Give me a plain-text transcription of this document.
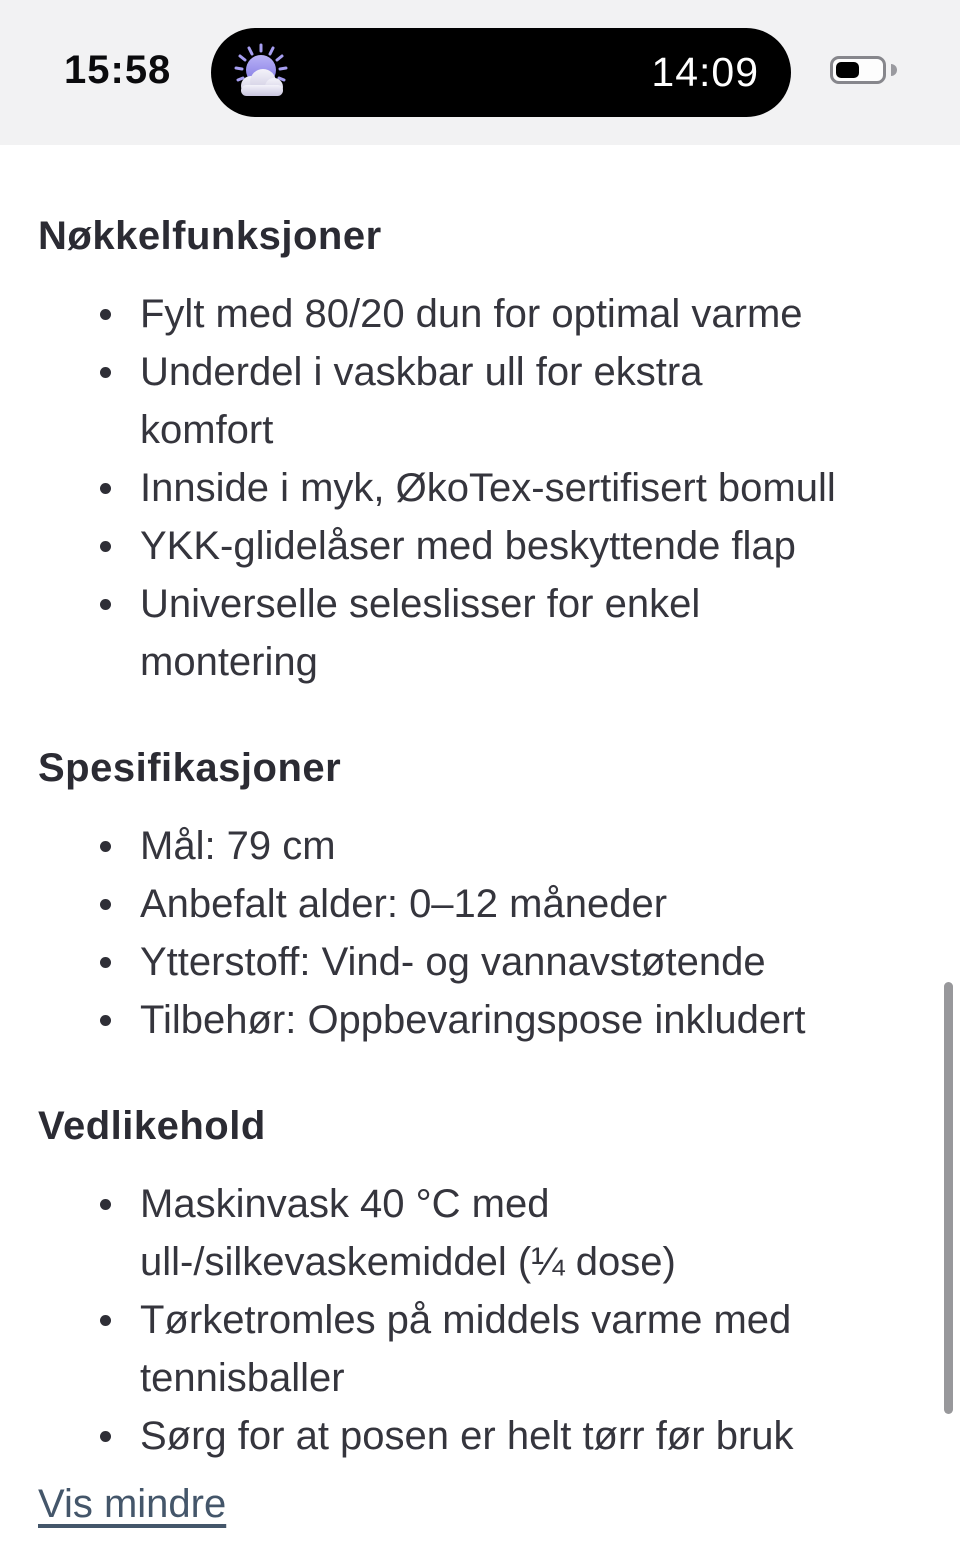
15:58	14:09
Nøkkelfunksjoner
Fylt med 80/20 dun for optimal varme
Underdel i vaskbar ull for ekstra komfort
Innside i myk, ØkoTex-sertifisert bomull
YKK-glidelåser med beskyttende flap
Universelle seleslisser for enkel montering
Spesifikasjoner
Mål: 79 cm
Anbefalt alder: 0–12 måneder
Ytterstoff: Vind- og vannavstøtende
Tilbehør: Oppbevaringspose inkludert
Vedlikehold
Maskinvask 40 °C med ull-/silkevaskemiddel (¼ dose)
Tørketromles på middels varme med tennisballer
Sørg for at posen er helt tørr før bruk
Vis mindre
